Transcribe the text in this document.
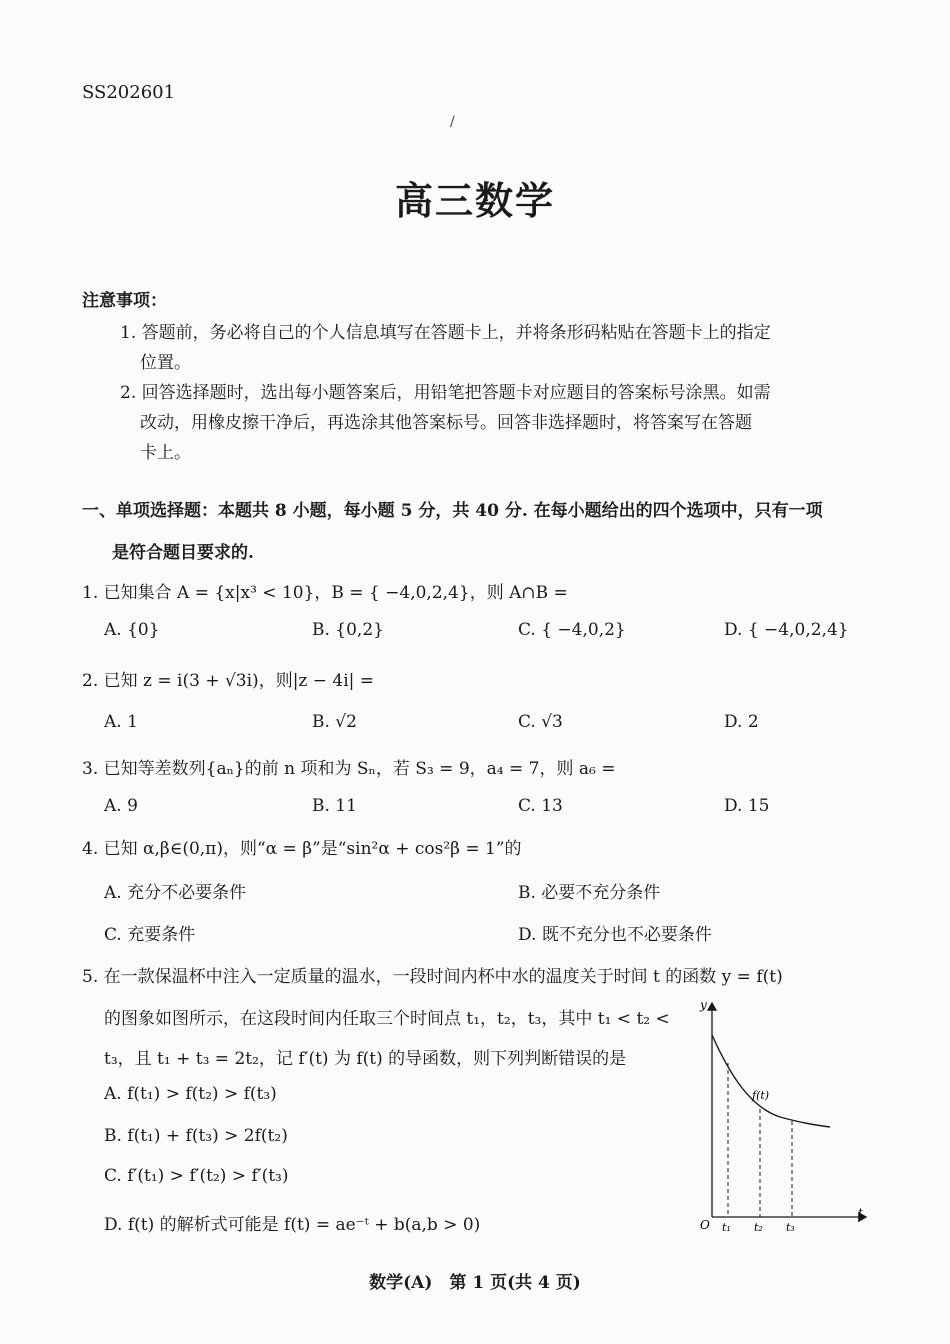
SS202601
/
高三数学
注意事项：
1. 答题前，务必将自己的个人信息填写在答题卡上，并将条形码粘贴在答题卡上的指定
位置。
2. 回答选择题时，选出每小题答案后，用铅笔把答题卡对应题目的答案标号涂黑。如需
改动，用橡皮擦干净后，再选涂其他答案标号。回答非选择题时，将答案写在答题
卡上。
一、单项选择题：本题共 8 小题，每小题 5 分，共 40 分. 在每小题给出的四个选项中，只有一项
是符合题目要求的.
1. 已知集合 A = {x|x³ < 10}，B = { −4,0,2,4}，则 A∩B =
A. {0}	B. {0,2}	C. { −4,0,2}	D. { −4,0,2,4}
2. 已知 z = i(3 + √3i)，则|z − 4i| =
A. 1	B. √2	C. √3	D. 2
3. 已知等差数列{aₙ}的前 n 项和为 Sₙ，若 S₃ = 9，a₄ = 7，则 a₆ =
A. 9	B. 11	C. 13	D. 15
4. 已知 α,β∈(0,π)，则“α = β”是“sin²α + cos²β = 1”的
A. 充分不必要条件	B. 必要不充分条件
C. 充要条件	D. 既不充分也不必要条件
5. 在一款保温杯中注入一定质量的温水，一段时间内杯中水的温度关于时间 t 的函数 y = f(t)
的图象如图所示，在这段时间内任取三个时间点 t₁，t₂，t₃，其中 t₁ < t₂ <
t₃，且 t₁ + t₃ = 2t₂，记 f′(t) 为 f(t) 的导函数，则下列判断错误的是
A. f(t₁) > f(t₂) > f(t₃)
B. f(t₁) + f(t₃) > 2f(t₂)
C. f′(t₁) > f′(t₂) > f′(t₃)
D. f(t) 的解析式可能是 f(t) = ae⁻ᵗ + b(a,b > 0)
y
t
O
f(t)
t₁ t₂ t₃
数学(A)　第 1 页(共 4 页)
